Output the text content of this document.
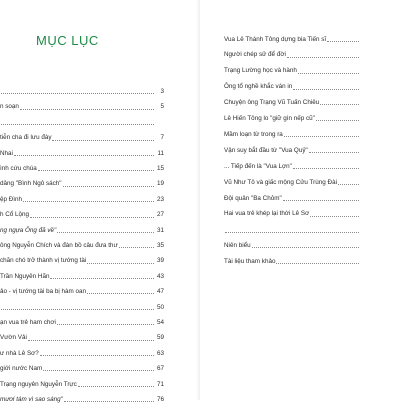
MỤC LỤC
3
n soạn	5
tiễn cha đi lưu đày	7
Nhai	11
ình cứu chúa	15
dâng "Bình Ngô sách"	19
ệp Đình	23
h Cổ Lộng	27
ng ngựa Ông đã về"	31
ông Nguyễn Chích và đàn bồ câu đưa thư	35
chăn chó trở thành vị tướng tài	39
Trần Nguyên Hãn	43
ảo - vị tướng tài ba bị hàm oan	47
50
ạn vua trẻ ham chơi	54
Vườn Vải	59
ư nhà Lê Sơ?	63
giới nước Nam	67
Trạng nguyên Nguyễn Trực	71
mươi tám vì sao sáng"	76
Vua Lê Thánh Tông dựng bia Tiến sĩ
Người chép sử để đời
Trạng Lường học và hành
Ông tổ nghề khắc ván in
Chuyện ông Trạng Vũ Tuấn Chiêu
Lê Hiến Tông lo "giữ gìn nếp cũ"
Mầm loạn từ trong ra
Vận suy bắt đầu từ "Vua Quỷ"
... Tiếp đến là "Vua Lợn"
Vũ Như Tô và giấc mộng Cửu Trùng Đài
Đội quân "Ba Chỏm"
Hai vua trẻ khép lại thời Lê Sơ
Niên biểu
Tài liệu tham khảo
